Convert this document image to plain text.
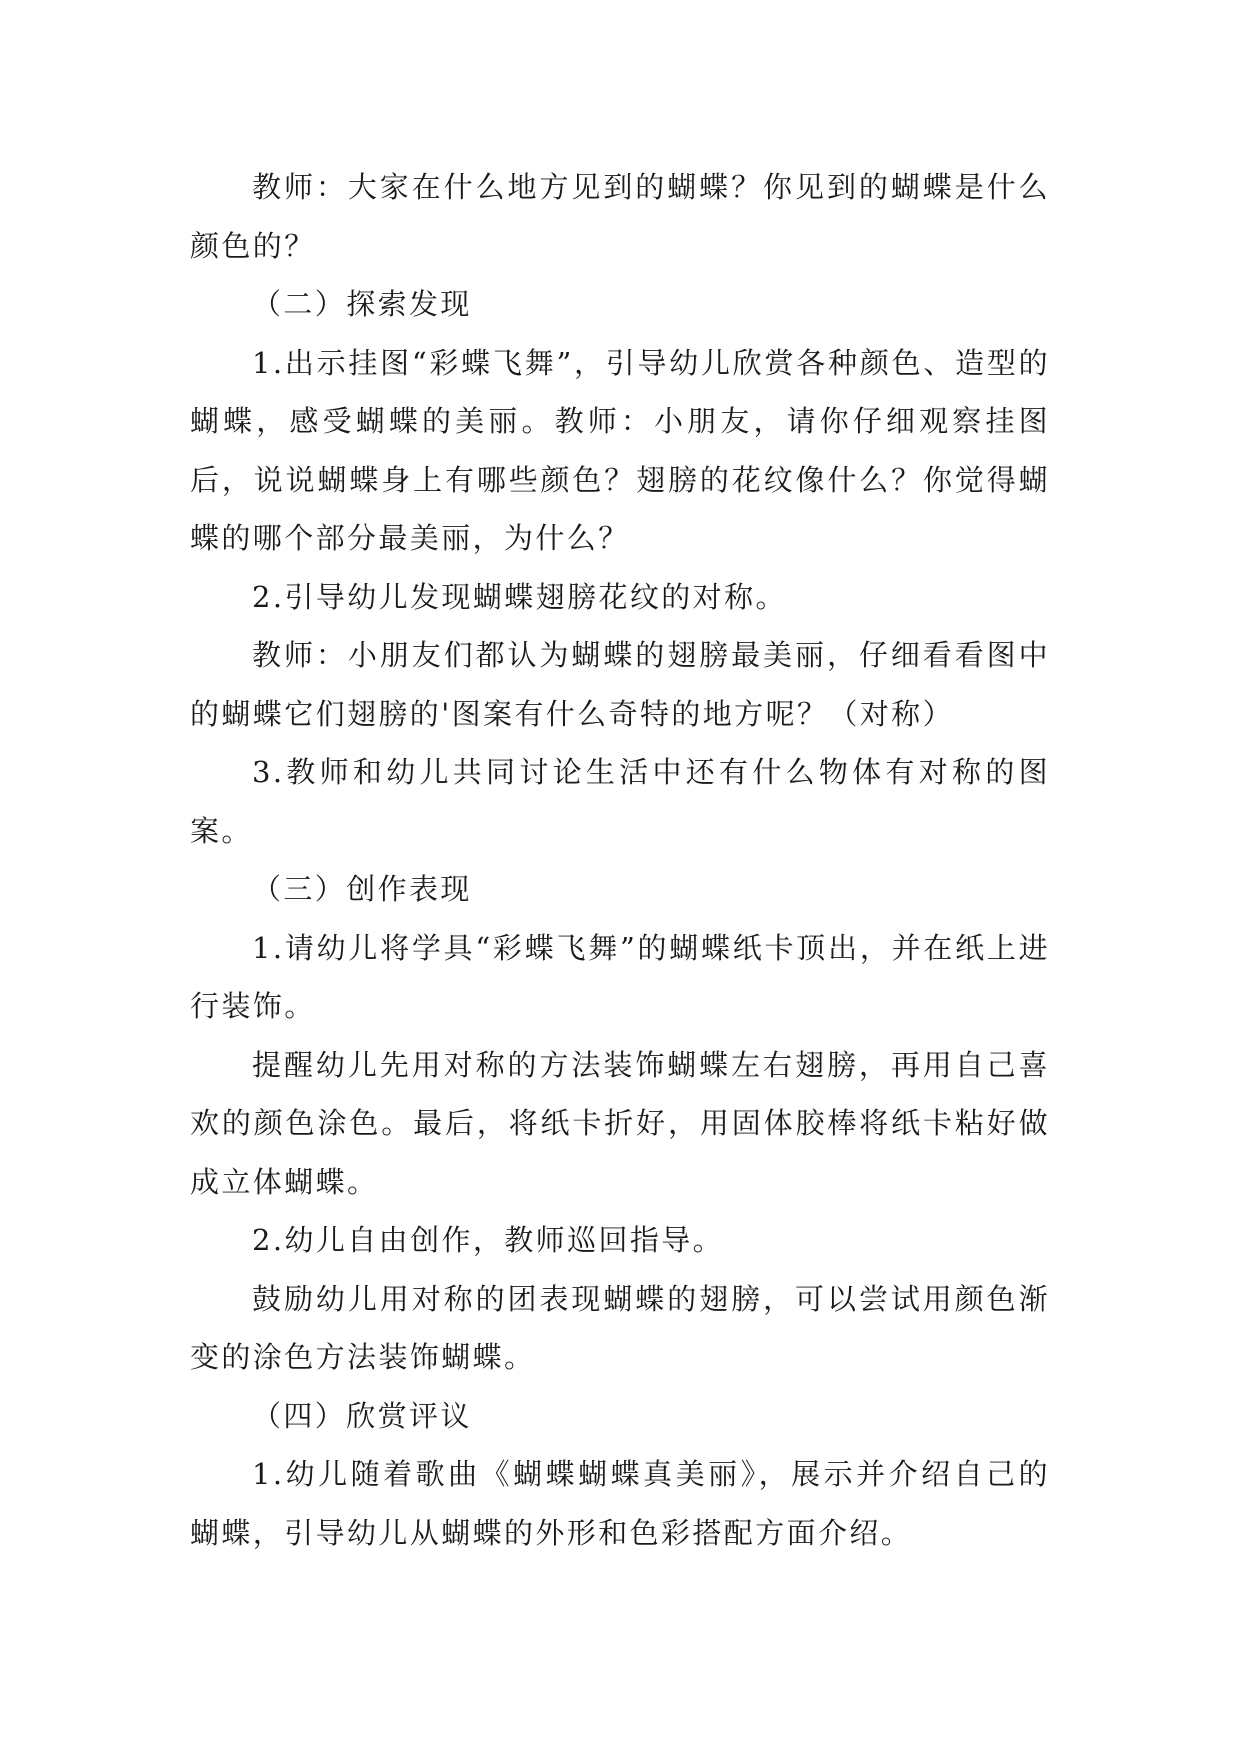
教师：大家在什么地方见到的蝴蝶？你见到的蝴蝶是什么颜色的？

（二）探索发现

1.出示挂图“彩蝶飞舞”，引导幼儿欣赏各种颜色、造型的蝴蝶，感受蝴蝶的美丽。教师：小朋友，请你仔细观察挂图后，说说蝴蝶身上有哪些颜色？翅膀的花纹像什么？你觉得蝴蝶的哪个部分最美丽，为什么？

2.引导幼儿发现蝴蝶翅膀花纹的对称。

教师：小朋友们都认为蝴蝶的翅膀最美丽，仔细看看图中的蝴蝶它们翅膀的'图案有什么奇特的地方呢？（对称）

3.教师和幼儿共同讨论生活中还有什么物体有对称的图案。

（三）创作表现

1.请幼儿将学具“彩蝶飞舞”的蝴蝶纸卡顶出，并在纸上进行装饰。

提醒幼儿先用对称的方法装饰蝴蝶左右翅膀，再用自己喜欢的颜色涂色。最后，将纸卡折好，用固体胶棒将纸卡粘好做成立体蝴蝶。

2.幼儿自由创作，教师巡回指导。

鼓励幼儿用对称的团表现蝴蝶的翅膀，可以尝试用颜色渐变的涂色方法装饰蝴蝶。

（四）欣赏评议

1.幼儿随着歌曲《蝴蝶蝴蝶真美丽》，展示并介绍自己的蝴蝶，引导幼儿从蝴蝶的外形和色彩搭配方面介绍。
